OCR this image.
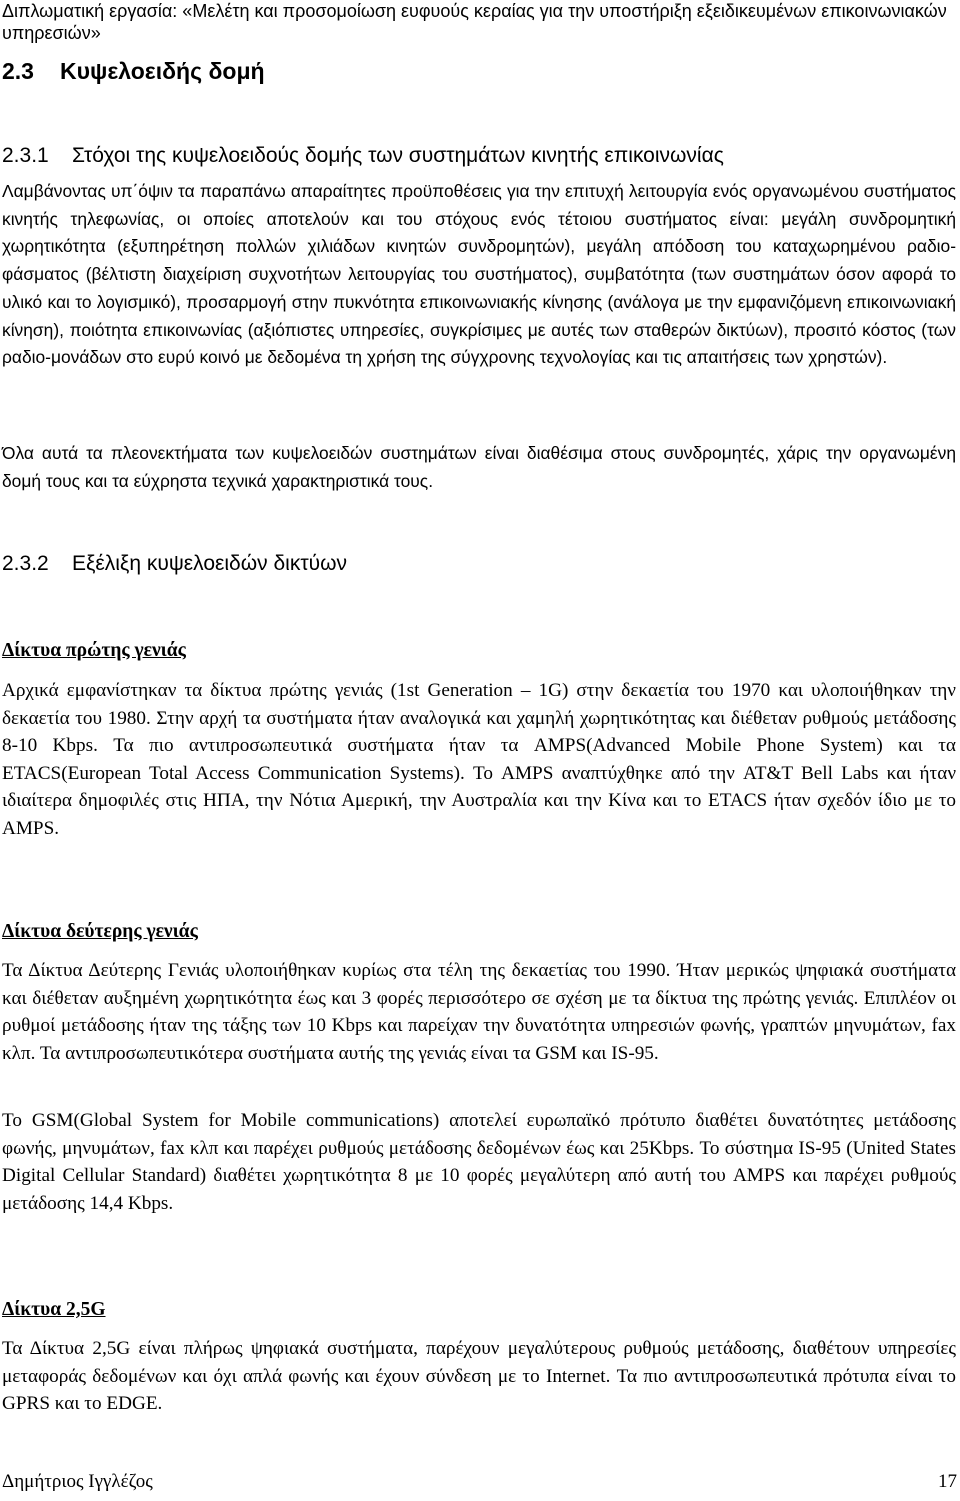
Διπλωματική εργασία: «Μελέτη και προσομοίωση ευφυούς κεραίας για την υποστήριξη εξειδικευμένων επικοινωνιακών υπηρεσιών»
2.3 Κυψελοειδής δομή
2.3.1 Στόχοι της κυψελοειδούς δομής των συστημάτων κινητής επικοινωνίας
Λαμβάνοντας υπ΄όψιν τα παραπάνω απαραίτητες προϋποθέσεις για την επιτυχή λειτουργία ενός οργανωμένου συστήματος κινητής τηλεφωνίας, οι οποίες αποτελούν και του στόχους ενός τέτοιου συστήματος είναι: μεγάλη συνδρομητική χωρητικότητα (εξυπηρέτηση πολλών χιλιάδων κινητών συνδρομητών), μεγάλη απόδοση του καταχωρημένου ραδιο-φάσματος (βέλτιστη διαχείριση συχνοτήτων λειτουργίας του συστήματος), συμβατότητα (των συστημάτων όσον αφορά το υλικό και το λογισμικό), προσαρμογή στην πυκνότητα επικοινωνιακής κίνησης (ανάλογα με την εμφανιζόμενη επικοινωνιακή κίνηση), ποιότητα επικοινωνίας (αξιόπιστες υπηρεσίες, συγκρίσιμες με αυτές των σταθερών δικτύων), προσιτό κόστος (των ραδιο-μονάδων στο ευρύ κοινό με δεδομένα τη χρήση της σύγχρονης τεχνολογίας και τις απαιτήσεις των χρηστών).
Όλα αυτά τα πλεονεκτήματα των κυψελοειδών συστημάτων είναι διαθέσιμα στους συνδρομητές, χάρις την οργανωμένη δομή τους και τα εύχρηστα τεχνικά χαρακτηριστικά τους.
2.3.2 Εξέλιξη κυψελοειδών δικτύων
Δίκτυα πρώτης γενιάς
Αρχικά εμφανίστηκαν τα δίκτυα πρώτης γενιάς (1st Generation – 1G) στην δεκαετία του 1970 και υλοποιήθηκαν την δεκαετία του 1980. Στην αρχή τα συστήματα ήταν αναλογικά και χαμηλή χωρητικότητας και διέθεταν ρυθμούς μετάδοσης 8-10 Kbps. Τα πιο αντιπροσωπευτικά συστήματα ήταν τα AMPS(Advanced Mobile Phone System) και τα ETACS(European Total Access Communication Systems). Το AMPS αναπτύχθηκε από την AT&T Bell Labs και ήταν ιδιαίτερα δημοφιλές στις ΗΠΑ, την Νότια Αμερική, την Αυστραλία και την Κίνα και το ETACS ήταν σχεδόν ίδιο με το AMPS.
Δίκτυα δεύτερης γενιάς
Τα Δίκτυα Δεύτερης Γενιάς υλοποιήθηκαν κυρίως στα τέλη της δεκαετίας του 1990. Ήταν μερικώς ψηφιακά συστήματα και διέθεταν αυξημένη χωρητικότητα έως και 3 φορές περισσότερο σε σχέση με τα δίκτυα της πρώτης γενιάς. Επιπλέον οι ρυθμοί μετάδοσης ήταν της τάξης των 10 Kbps και παρείχαν την δυνατότητα υπηρεσιών φωνής, γραπτών μηνυμάτων, fax κλπ. Τα αντιπροσωπευτικότερα συστήματα αυτής της γενιάς είναι τα GSM και IS-95.
To GSM(Global System for Mobile communications) αποτελεί ευρωπαϊκό πρότυπο διαθέτει δυνατότητες μετάδοσης φωνής, μηνυμάτων, fax κλπ και παρέχει ρυθμούς μετάδοσης δεδομένων έως και 25Kbps. Το σύστημα IS-95 (United States Digital Cellular Standard) διαθέτει χωρητικότητα 8 με 10 φορές μεγαλύτερη από αυτή του AMPS και παρέχει ρυθμούς μετάδοσης 14,4 Kbps.
Δίκτυα 2,5G
Τα Δίκτυα 2,5G είναι πλήρως ψηφιακά συστήματα, παρέχουν μεγαλύτερους ρυθμούς μετάδοσης, διαθέτουν υπηρεσίες μεταφοράς δεδομένων και όχι απλά φωνής και έχουν σύνδεση με το Internet. Τα πιο αντιπροσωπευτικά πρότυπα είναι το GPRS και το EDGE.
Δημήτριος Ιγγλέζος	17
